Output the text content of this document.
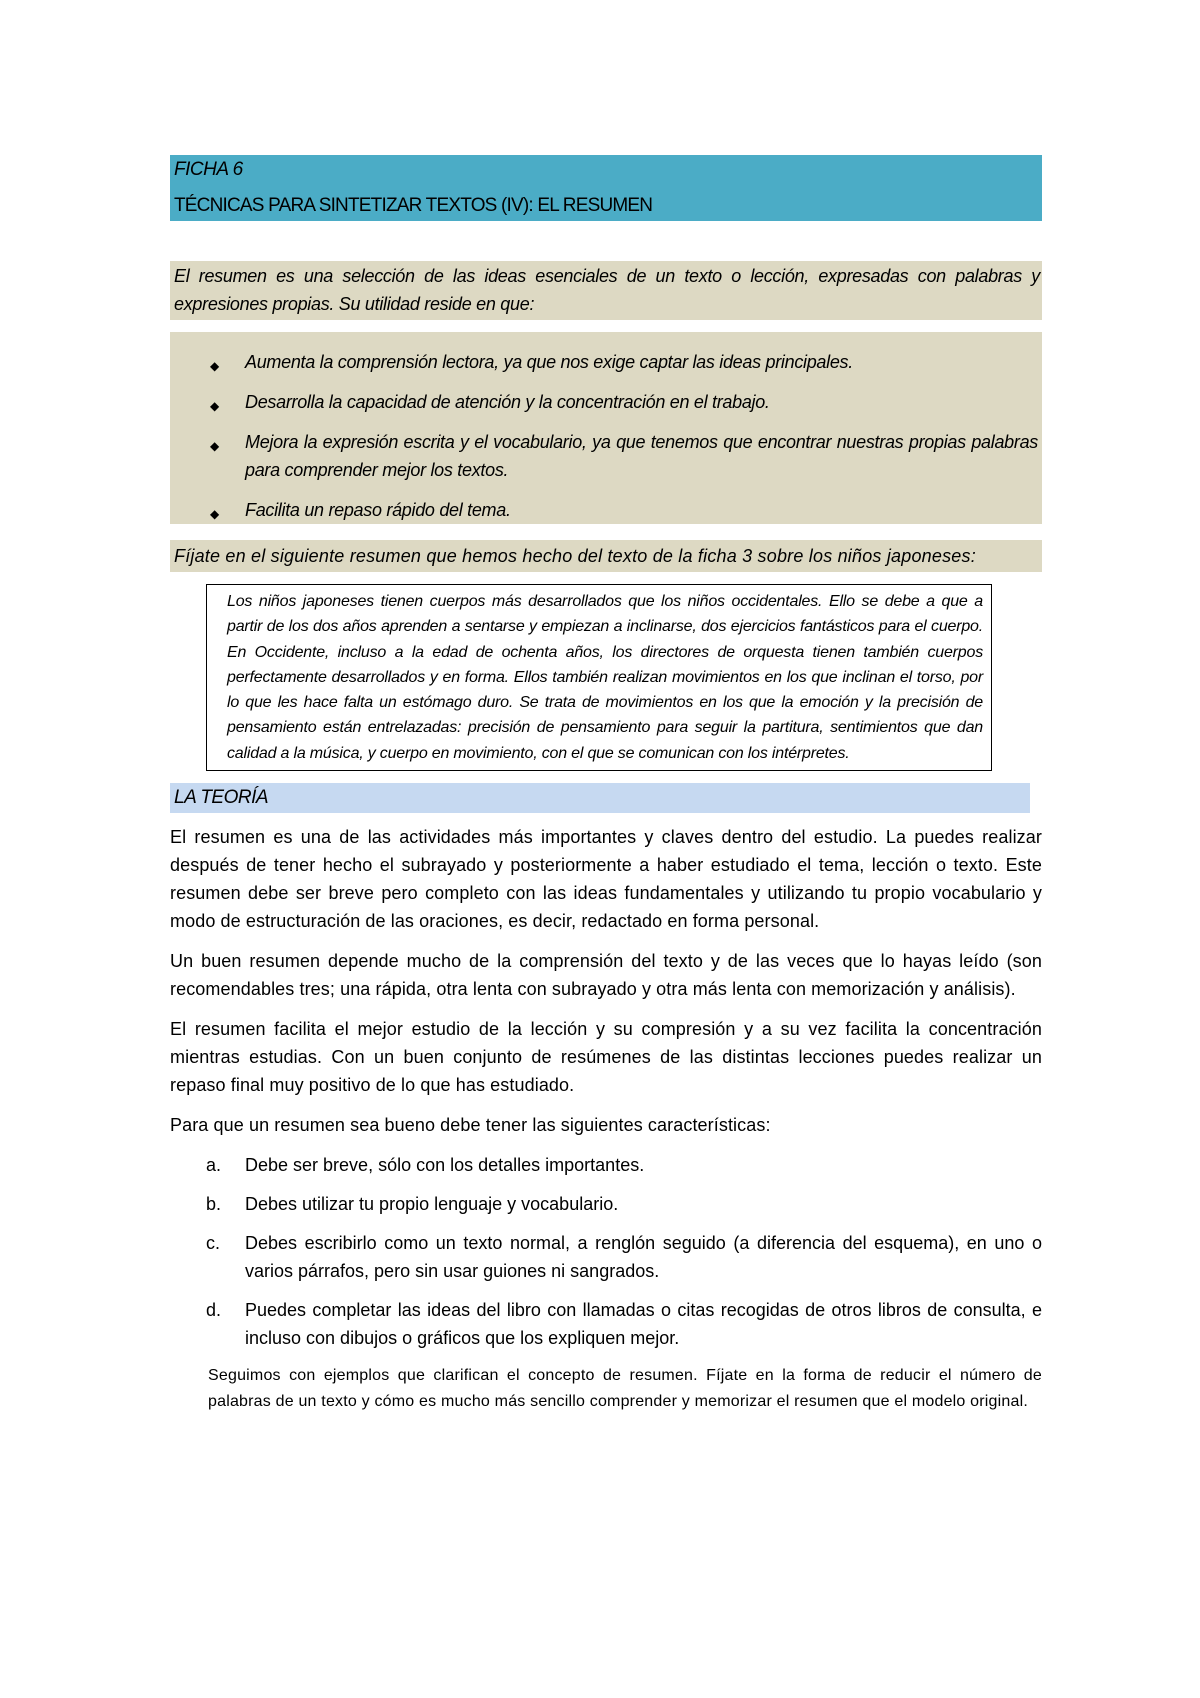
FICHA 6
TÉCNICAS PARA SINTETIZAR TEXTOS (IV): EL RESUMEN
El resumen es una selección de las ideas esenciales de un texto o lección, expresadas con palabras y expresiones propias. Su utilidad reside en que:
◆ Aumenta la comprensión lectora, ya que nos exige captar las ideas principales.
◆ Desarrolla la capacidad de atención y la concentración en el trabajo.
◆ Mejora la expresión escrita y el vocabulario, ya que tenemos que encontrar nuestras propias palabras para comprender mejor los textos.
◆ Facilita un repaso rápido del tema.
Fíjate en el siguiente resumen que hemos hecho del texto de la ficha 3 sobre los niños japoneses:
Los niños japoneses tienen cuerpos más desarrollados que los niños occidentales. Ello se debe a que a partir de los dos años aprenden a sentarse y empiezan a inclinarse, dos ejercicios fantásticos para el cuerpo. En Occidente, incluso a la edad de ochenta años, los directores de orquesta tienen también cuerpos perfectamente desarrollados y en forma. Ellos también realizan movimientos en los que inclinan el torso, por lo que les hace falta un estómago duro. Se trata de movimientos en los que la emoción y la precisión de pensamiento están entrelazadas: precisión de pensamiento para seguir la partitura, sentimientos que dan calidad a la música, y cuerpo en movimiento, con el que se comunican con los intérpretes.
LA TEORÍA

El resumen es una de las actividades más importantes y claves dentro del estudio. La puedes realizar después de tener hecho el subrayado y posteriormente a haber estudiado el tema, lección o texto. Este resumen debe ser breve pero completo con las ideas fundamentales y utilizando tu propio vocabulario y modo de estructuración de las oraciones, es decir, redactado en forma personal.

Un buen resumen depende mucho de la comprensión del texto y de las veces que lo hayas leído (son recomendables tres; una rápida, otra lenta con subrayado y otra más lenta con memorización y análisis).

El resumen facilita el mejor estudio de la lección y su compresión y a su vez facilita la concentración mientras estudias. Con un buen conjunto de resúmenes de las distintas lecciones puedes realizar un repaso final muy positivo de lo que has estudiado.

Para que un resumen sea bueno debe tener las siguientes características:

a. Debe ser breve, sólo con los detalles importantes.
b. Debes utilizar tu propio lenguaje y vocabulario.
c. Debes escribirlo como un texto normal, a renglón seguido (a diferencia del esquema), en uno o varios párrafos, pero sin usar guiones ni sangrados.
d. Puedes completar las ideas del libro con llamadas o citas recogidas de otros libros de consulta, e incluso con dibujos o gráficos que los expliquen mejor.
Seguimos con ejemplos que clarifican el concepto de resumen. Fíjate en la forma de reducir el número de palabras de un texto y cómo es mucho más sencillo comprender y memorizar el resumen que el modelo original.
